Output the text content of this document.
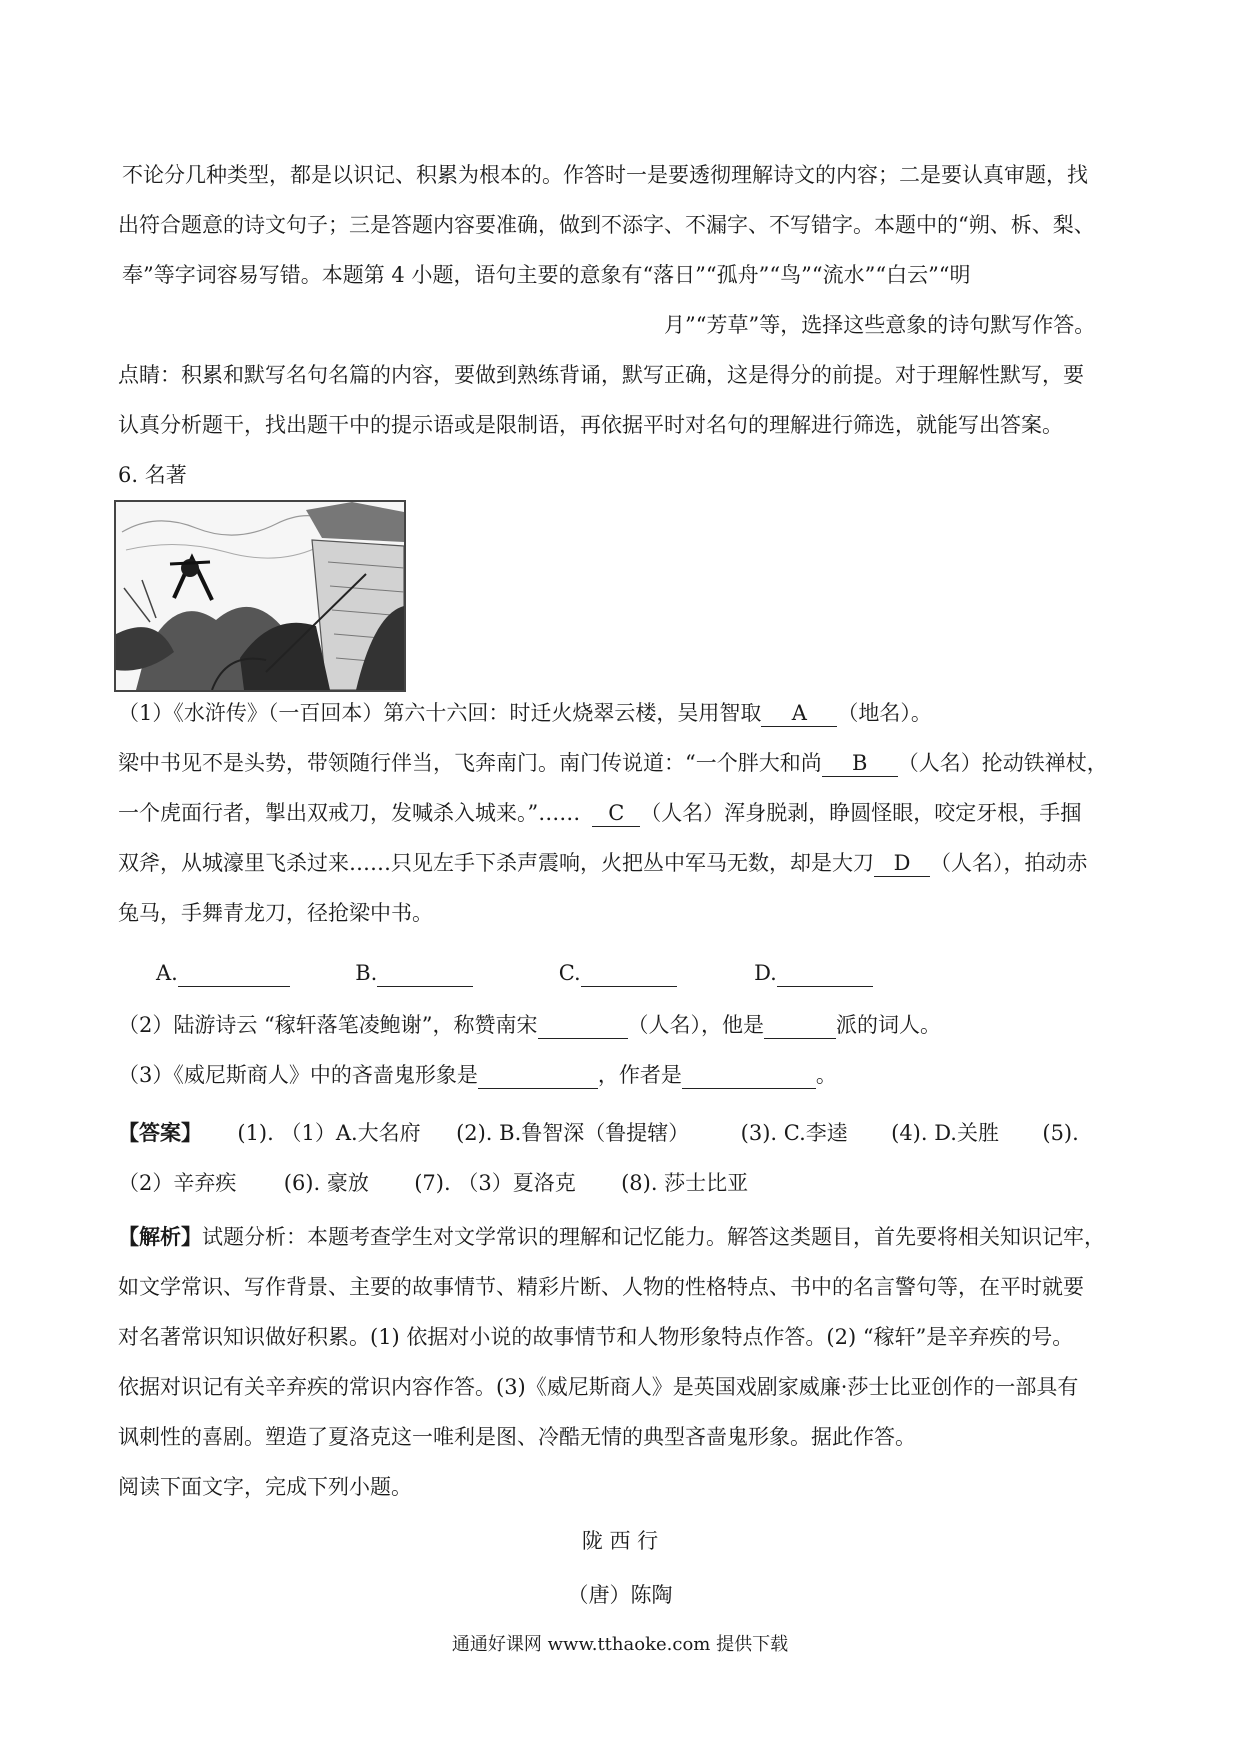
不论分几种类型，都是以识记、积累为根本的。作答时一是要透彻理解诗文的内容；二是要认真审题，找
出符合题意的诗文句子；三是答题内容要准确，做到不添字、不漏字、不写错字。本题中的“朔、柝、梨、
奉”等字词容易写错。本题第 4 小题，语句主要的意象有“落日”“孤舟”“鸟”“流水”“白云”“明
月”“芳草”等，选择这些意象的诗句默写作答。
点睛：积累和默写名句名篇的内容，要做到熟练背诵，默写正确，这是得分的前提。对于理解性默写，要
认真分析题干，找出题干中的提示语或是限制语，再依据平时对名句的理解进行筛选，就能写出答案。
6. 名著
（1）《水浒传》（一百回本）第六十六回：时迁火烧翠云楼，吴用智取 A （地名）。
梁中书见不是头势，带领随行伴当，飞奔南门。南门传说道：“一个胖大和尚 B （人名）抡动铁禅杖，
一个虎面行者，掣出双戒刀，发喊杀入城来。”…… C （人名）浑身脱剥，睁圆怪眼，咬定牙根，手掴
双斧，从城濠里飞杀过来……只见左手下杀声震响，火把丛中军马无数，却是大刀 D （人名），拍动赤
兔马，手舞青龙刀，径抢梁中书。
A.	B.	C.	D.
（2）陆游诗云 “稼轩落笔凌鲍谢”，称赞南宋	（人名），他是	派的词人。
（3）《威尼斯商人》中的吝啬鬼形象是	，作者是	。
【答案】 (1). （1）A.大名府 (2). B.鲁智深（鲁提辖） (3). C.李逵 (4). D.关胜 (5).
（2）辛弃疾 (6). 豪放 (7). （3）夏洛克 (8). 莎士比亚
【解析】试题分析：本题考查学生对文学常识的理解和记忆能力。解答这类题目，首先要将相关知识记牢，
如文学常识、写作背景、主要的故事情节、精彩片断、人物的性格特点、书中的名言警句等，在平时就要
对名著常识知识做好积累。(1) 依据对小说的故事情节和人物形象特点作答。(2) “稼轩”是辛弃疾的号。
依据对识记有关辛弃疾的常识内容作答。(3)《威尼斯商人》是英国戏剧家威廉·莎士比亚创作的一部具有
讽刺性的喜剧。塑造了夏洛克这一唯利是图、冷酷无情的典型吝啬鬼形象。据此作答。
阅读下面文字，完成下列小题。
陇 西 行
（唐）陈陶
通通好课网 www.tthaoke.com 提供下载
